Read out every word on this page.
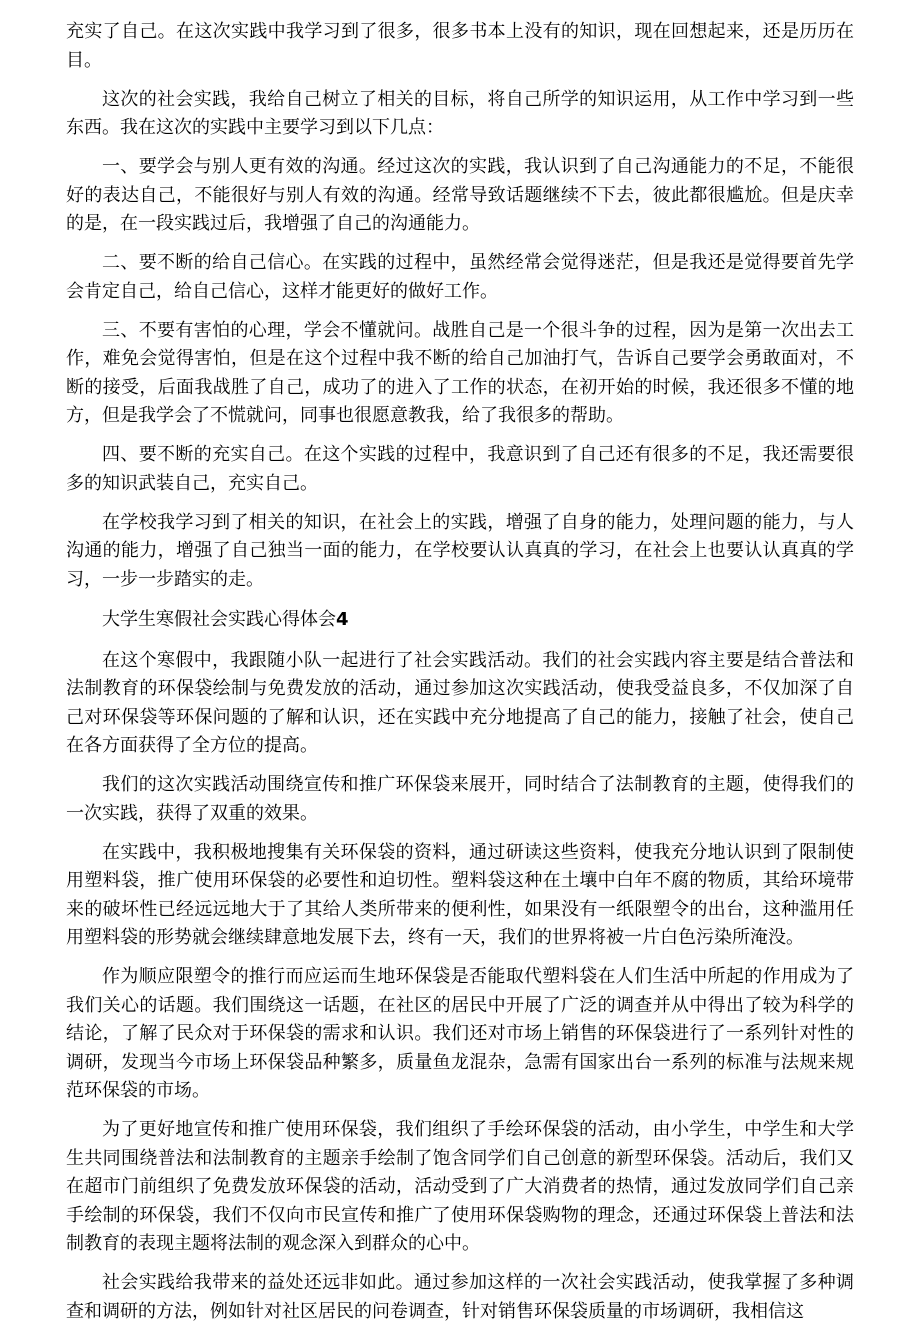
充实了自己。在这次实践中我学习到了很多，很多书本上没有的知识，现在回想起来，还是历历在目。

这次的社会实践，我给自己树立了相关的目标，将自己所学的知识运用，从工作中学习到一些东西。我在这次的实践中主要学习到以下几点：

一、要学会与别人更有效的沟通。经过这次的实践，我认识到了自己沟通能力的不足，不能很好的表达自己，不能很好与别人有效的沟通。经常导致话题继续不下去，彼此都很尴尬。但是庆幸的是，在一段实践过后，我增强了自己的沟通能力。

二、要不断的给自己信心。在实践的过程中，虽然经常会觉得迷茫，但是我还是觉得要首先学会肯定自己，给自己信心，这样才能更好的做好工作。

三、不要有害怕的心理，学会不懂就问。战胜自己是一个很斗争的过程，因为是第一次出去工作，难免会觉得害怕，但是在这个过程中我不断的给自己加油打气，告诉自己要学会勇敢面对，不断的接受，后面我战胜了自己，成功了的进入了工作的状态，在初开始的时候，我还很多不懂的地方，但是我学会了不慌就问，同事也很愿意教我，给了我很多的帮助。

四、要不断的充实自己。在这个实践的过程中，我意识到了自己还有很多的不足，我还需要很多的知识武装自己，充实自己。

在学校我学习到了相关的知识，在社会上的实践，增强了自身的能力，处理问题的能力，与人沟通的能力，增强了自己独当一面的能力，在学校要认认真真的学习，在社会上也要认认真真的学习，一步一步踏实的走。

大学生寒假社会实践心得体会4

在这个寒假中，我跟随小队一起进行了社会实践活动。我们的社会实践内容主要是结合普法和法制教育的环保袋绘制与免费发放的活动，通过参加这次实践活动，使我受益良多，不仅加深了自己对环保袋等环保问题的了解和认识，还在实践中充分地提高了自己的能力，接触了社会，使自己在各方面获得了全方位的提高。

我们的这次实践活动围绕宣传和推广环保袋来展开，同时结合了法制教育的主题，使得我们的一次实践，获得了双重的效果。

在实践中，我积极地搜集有关环保袋的资料，通过研读这些资料，使我充分地认识到了限制使用塑料袋，推广使用环保袋的必要性和迫切性。塑料袋这种在土壤中白年不腐的物质，其给环境带来的破坏性已经远远地大于了其给人类所带来的便利性，如果没有一纸限塑令的出台，这种滥用任用塑料袋的形势就会继续肆意地发展下去，终有一天，我们的世界将被一片白色污染所淹没。

作为顺应限塑令的推行而应运而生地环保袋是否能取代塑料袋在人们生活中所起的作用成为了我们关心的话题。我们围绕这一话题，在社区的居民中开展了广泛的调查并从中得出了较为科学的结论，了解了民众对于环保袋的需求和认识。我们还对市场上销售的环保袋进行了一系列针对性的调研，发现当今市场上环保袋品种繁多，质量鱼龙混杂，急需有国家出台一系列的标准与法规来规范环保袋的市场。

为了更好地宣传和推广使用环保袋，我们组织了手绘环保袋的活动，由小学生，中学生和大学生共同围绕普法和法制教育的主题亲手绘制了饱含同学们自己创意的新型环保袋。活动后，我们又在超市门前组织了免费发放环保袋的活动，活动受到了广大消费者的热情，通过发放同学们自己亲手绘制的环保袋，我们不仅向市民宣传和推广了使用环保袋购物的理念，还通过环保袋上普法和法制教育的表现主题将法制的观念深入到群众的心中。

社会实践给我带来的益处还远非如此。通过参加这样的一次社会实践活动，使我掌握了多种调查和调研的方法，例如针对社区居民的问卷调查，针对销售环保袋质量的市场调研，我相信这
